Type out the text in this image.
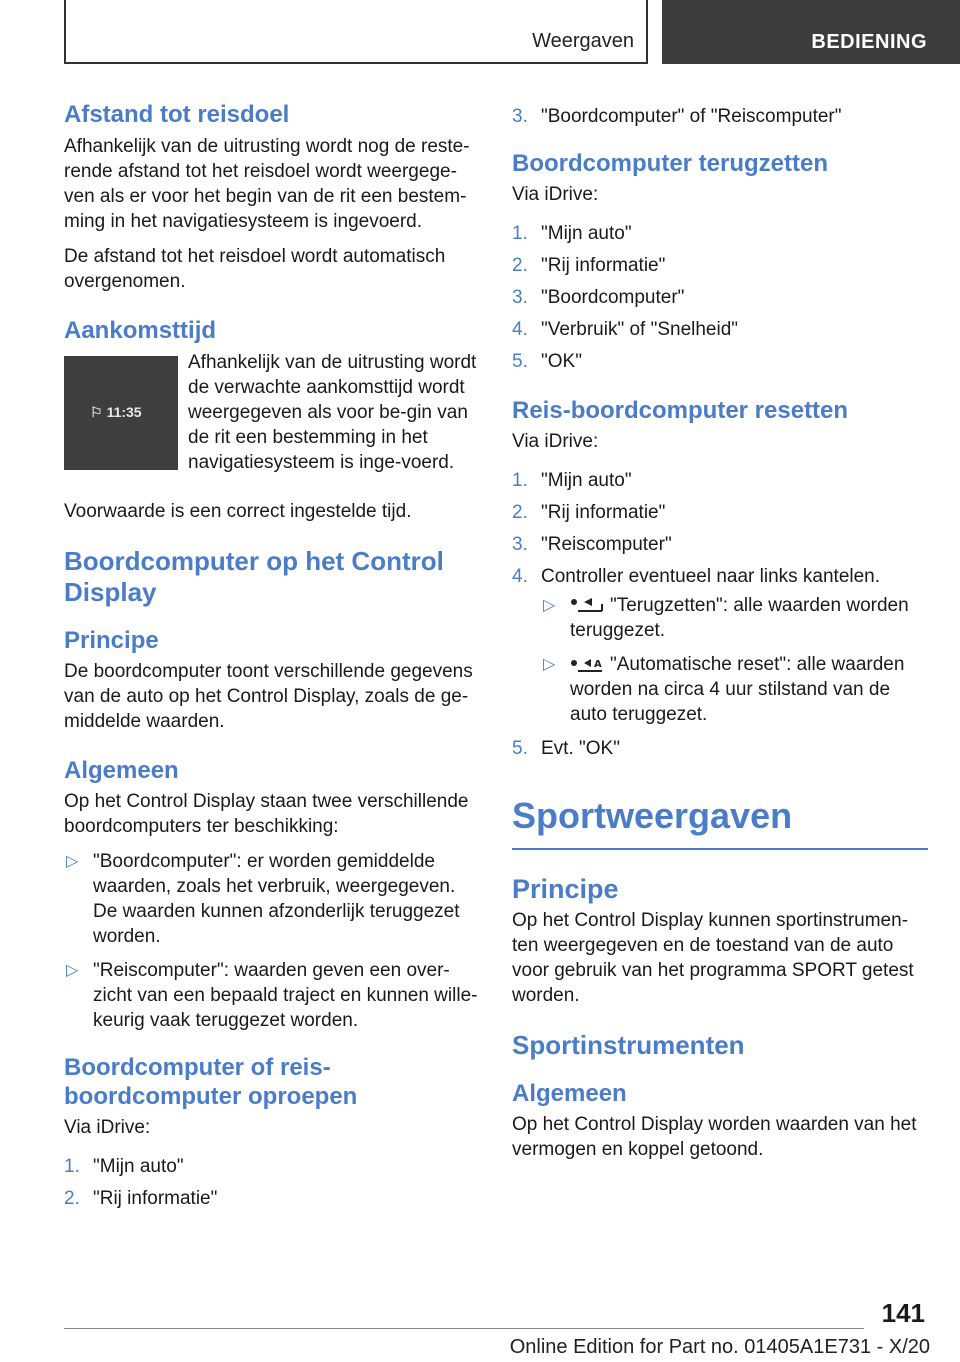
Weergaven	BEDIENING
Afstand tot reisdoel

Afhankelijk van de uitrusting wordt nog de reste-rende afstand tot het reisdoel wordt weergege-ven als er voor het begin van de rit een bestem-ming in het navigatiesysteem is ingevoerd.

De afstand tot het reisdoel wordt automatisch overgenomen.

Aankomsttijd
⚐ 11:35

Afhankelijk van de uitrusting wordt de verwachte aankomsttijd wordt weergegeven als voor be-gin van de rit een bestemming in het navigatiesysteem is inge-voerd.

Voorwaarde is een correct ingestelde tijd.

Boordcomputer op het Control Display
Principe

De boordcomputer toont verschillende gegevens van de auto op het Control Display, zoals de ge-middelde waarden.

Algemeen

Op het Control Display staan twee verschillende boordcomputers ter beschikking:

▷ "Boordcomputer": er worden gemiddelde waarden, zoals het verbruik, weergegeven. De waarden kunnen afzonderlijk teruggezet worden.
▷ "Reiscomputer": waarden geven een over-zicht van een bepaald traject en kunnen wille-keurig vaak teruggezet worden.
Boordcomputer of reis-boordcomputer oproepen

Via iDrive:

1. "Mijn auto"
2. "Rij informatie"
3. "Boordcomputer" of "Reiscomputer"
Boordcomputer terugzetten

Via iDrive:

1. "Mijn auto"
2. "Rij informatie"
3. "Boordcomputer"
4. "Verbruik" of "Snelheid"
5. "OK"
Reis-boordcomputer resetten

Via iDrive:

1. "Mijn auto"
2. "Rij informatie"
3. "Reiscomputer"
4. Controller eventueel naar links kantelen.
▷	"Terugzetten": alle waarden worden teruggezet.
▷	A "Automatische reset": alle waarden worden na circa 4 uur stilstand van de auto teruggezet.
5. Evt. "OK"
Sportweergaven
Principe

Op het Control Display kunnen sportinstrumen-ten weergegeven en de toestand van de auto voor gebruik van het programma SPORT getest worden.

Sportinstrumenten
Algemeen

Op het Control Display worden waarden van het vermogen en koppel getoond.

141
Online Edition for Part no. 01405A1E731 - X/20
